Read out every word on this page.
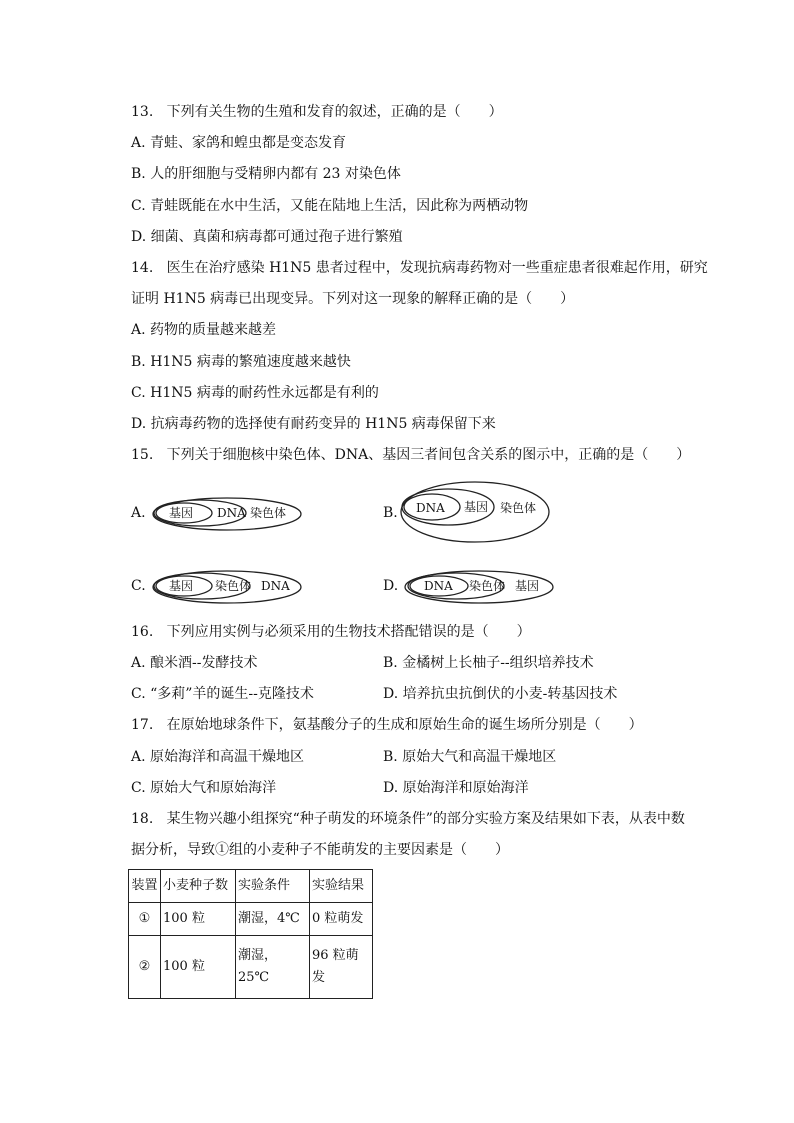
13.   下列有关生物的生殖和发育的叙述，正确的是（　　）
A. 青蛙、家鸽和蝗虫都是变态发育
B. 人的肝细胞与受精卵内都有 23 对染色体
C. 青蛙既能在水中生活，又能在陆地上生活，因此称为两栖动物
D. 细菌、真菌和病毒都可通过孢子进行繁殖
14.   医生在治疗感染 H1N5 患者过程中，发现抗病毒药物对一些重症患者很难起作用，研究
证明 H1N5 病毒已出现变异。下列对这一现象的解释正确的是（　　）
A. 药物的质量越来越差
B. H1N5 病毒的繁殖速度越来越快
C. H1N5 病毒的耐药性永远都是有利的
D. 抗病毒药物的选择使有耐药变异的 H1N5 病毒保留下来
15.   下列关于细胞核中染色体、DNA、基因三者间包含关系的图示中，正确的是（　　）
A. 基因 DNA 染色体	B. DNA 基因 染色体
C. 基因 染色体 DNA	D. DNA 染色体 基因
16.   下列应用实例与必须采用的生物技术搭配错误的是（　　）
A. 酿米酒--发酵技术	B. 金橘树上长柚子--组织培养技术
C. “多莉”羊的诞生--克隆技术	D. 培养抗虫抗倒伏的小麦-转基因技术
17.   在原始地球条件下，氨基酸分子的生成和原始生命的诞生场所分别是（　　）
A. 原始海洋和高温干燥地区	B. 原始大气和高温干燥地区
C. 原始大气和原始海洋	D. 原始海洋和原始海洋
18.   某生物兴趣小组探究“种子萌发的环境条件”的部分实验方案及结果如下表，从表中数
据分析，导致①组的小麦种子不能萌发的主要因素是（　　）
装置	小麦种子数	实验条件	实验结果
①	100 粒	潮湿，4℃	0 粒萌发
②	100 粒	潮湿，25℃	96 粒萌
发
